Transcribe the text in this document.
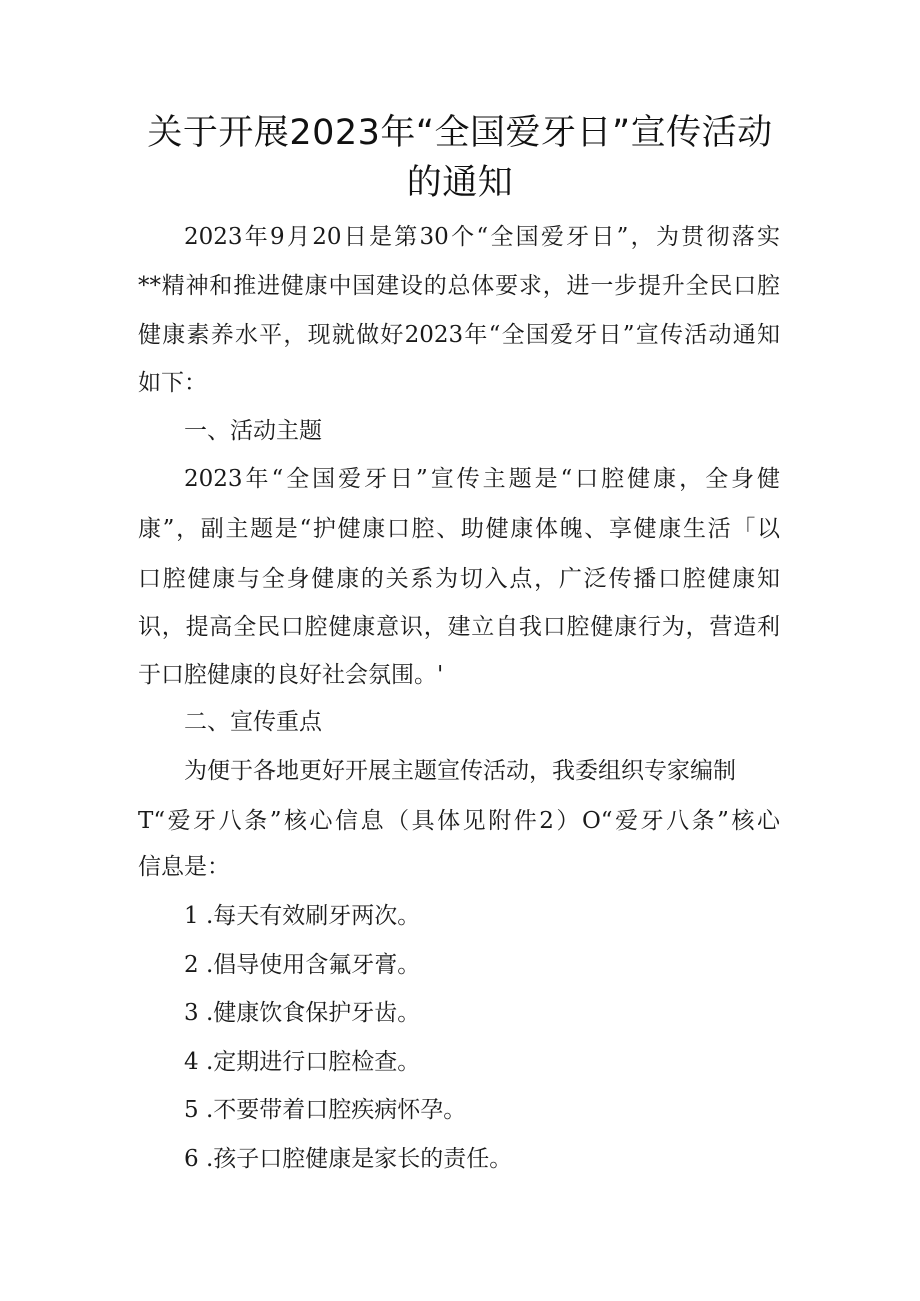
关于开展2023年“全国爱牙日”宣传活动
的通知
2023年9月20日是第30个“全国爱牙日”，为贯彻落实
**精神和推进健康中国建设的总体要求，进一步提升全民口腔
健康素养水平，现就做好2023年“全国爱牙日”宣传活动通知
如下：
一、活动主题
2023年“全国爱牙日”宣传主题是“口腔健康，全身健
康”，副主题是“护健康口腔、助健康体魄、享健康生活「以
口腔健康与全身健康的关系为切入点，广泛传播口腔健康知
识，提高全民口腔健康意识，建立自我口腔健康行为，营造利
于口腔健康的良好社会氛围。'
二、宣传重点
为便于各地更好开展主题宣传活动，我委组织专家编制
T“爱牙八条”核心信息（具体见附件2）O“爱牙八条”核心
信息是：
1 .每天有效刷牙两次。
2 .倡导使用含氟牙膏。
3 .健康饮食保护牙齿。
4 .定期进行口腔检查。
5 .不要带着口腔疾病怀孕。
6 .孩子口腔健康是家长的责任。
